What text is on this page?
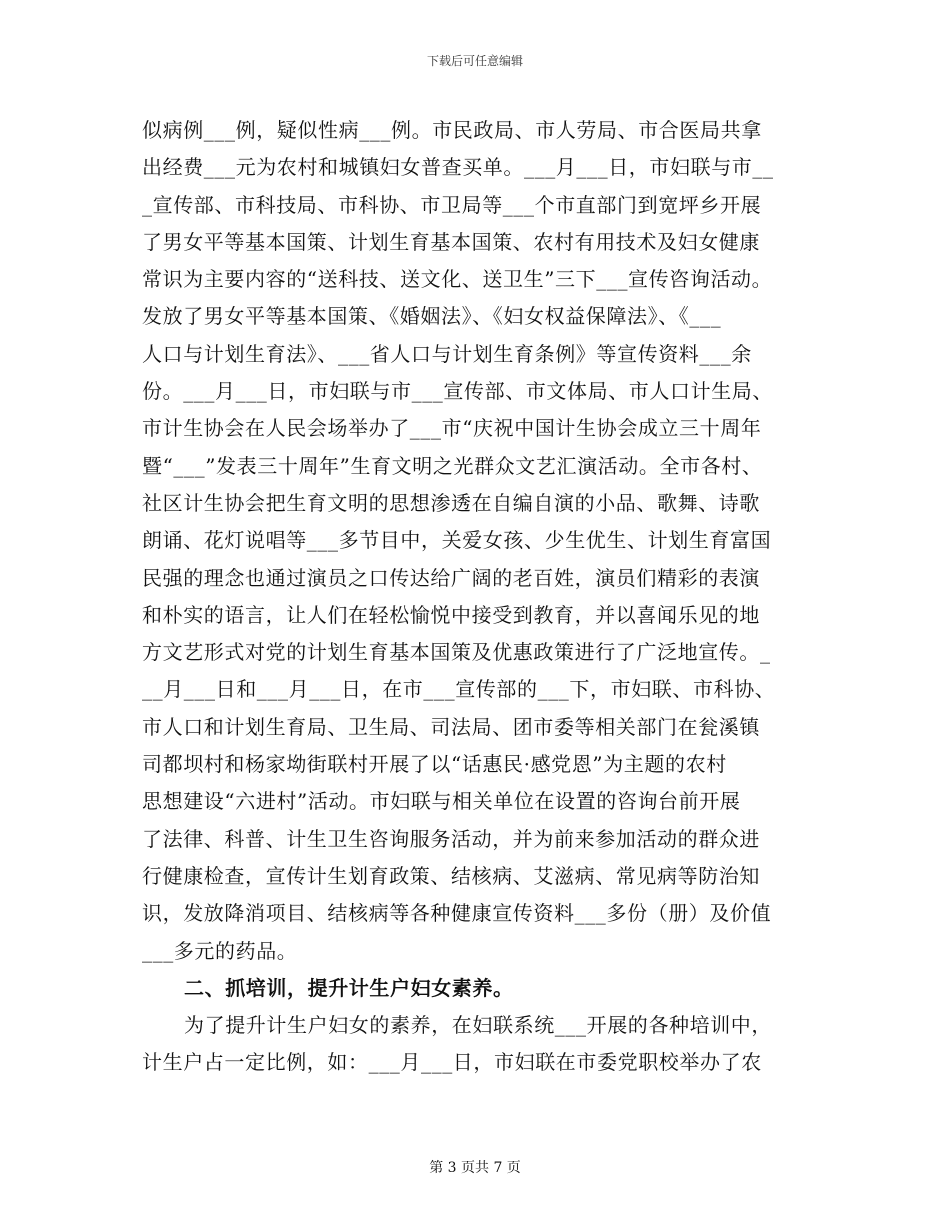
下载后可任意编辑
似病例___例，疑似性病___例。市民政局、市人劳局、市合医局共拿
出经费___元为农村和城镇妇女普查买单。___月___日，市妇联与市__
_宣传部、市科技局、市科协、市卫局等___个市直部门到宽坪乡开展
了男女平等基本国策、计划生育基本国策、农村有用技术及妇女健康
常识为主要内容的“送科技、送文化、送卫生”三下___宣传咨询活动。
发放了男女平等基本国策、《婚姻法》、《妇女权益保障法》、《___
人口与计划生育法》、___省人口与计划生育条例》等宣传资料___余
份。___月___日，市妇联与市___宣传部、市文体局、市人口计生局、
市计生协会在人民会场举办了___市“庆祝中国计生协会成立三十周年
暨“___”发表三十周年”生育文明之光群众文艺汇演活动。全市各村、
社区计生协会把生育文明的思想渗透在自编自演的小品、歌舞、诗歌
朗诵、花灯说唱等___多节目中，关爱女孩、少生优生、计划生育富国
民强的理念也通过演员之口传达给广阔的老百姓，演员们精彩的表演
和朴实的语言，让人们在轻松愉悦中接受到教育，并以喜闻乐见的地
方文艺形式对党的计划生育基本国策及优惠政策进行了广泛地宣传。_
__月___日和___月___日，在市___宣传部的___下，市妇联、市科协、
市人口和计划生育局、卫生局、司法局、团市委等相关部门在瓮溪镇
司都坝村和杨家坳街联村开展了以“话惠民·感党恩”为主题的农村
思想建设“六进村”活动。市妇联与相关单位在设置的咨询台前开展
了法律、科普、计生卫生咨询服务活动，并为前来参加活动的群众进
行健康检查，宣传计生划育政策、结核病、艾滋病、常见病等防治知
识，发放降消项目、结核病等各种健康宣传资料___多份（册）及价值
___多元的药品。
二、抓培训，提升计生户妇女素养。
为了提升计生户妇女的素养，在妇联系统___开展的各种培训中，
计生户占一定比例，如：___月___日，市妇联在市委党职校举办了农
第 3 页共 7 页
